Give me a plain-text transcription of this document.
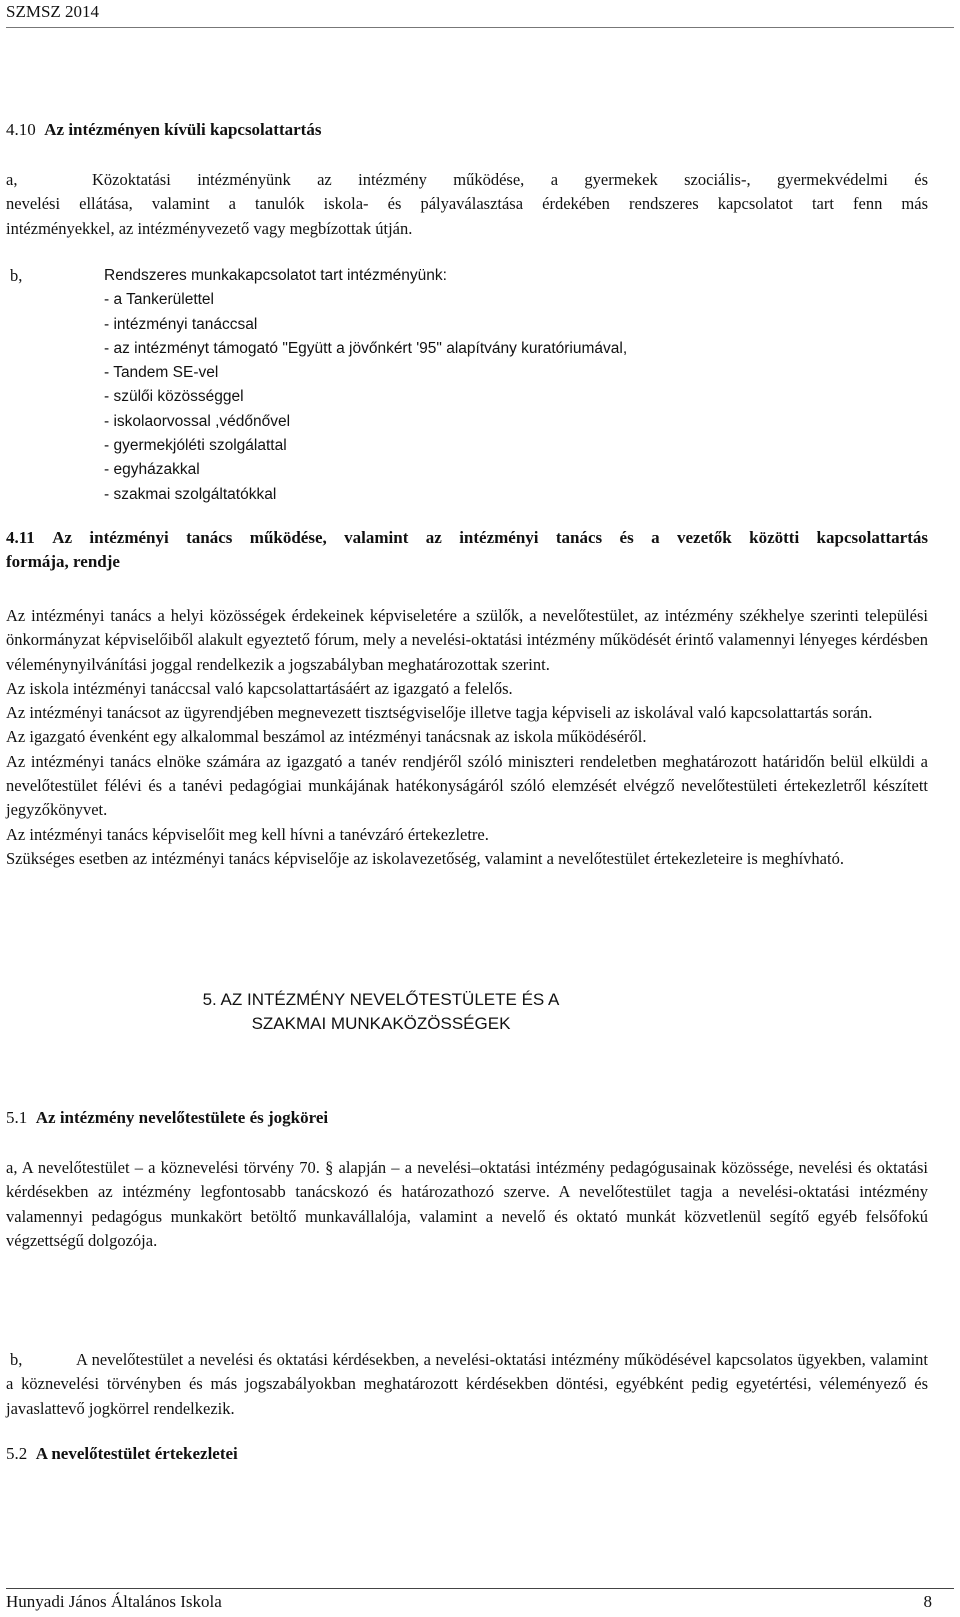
SZMSZ 2014
4.10 Az intézményen kívüli kapcsolattartás
a,	Közoktatási intézményünk az intézmény működése, a gyermekek szociális-, gyermekvédelmi és
nevelési ellátása, valamint a tanulók iskola- és pályaválasztása érdekében rendszeres kapcsolatot tart fenn más
intézményekkel, az intézményvezető vagy megbízottak útján.
b,	Rendszeres munkakapcsolatot tart intézményünk:
- a Tankerülettel
- intézményi tanáccsal
- az intézményt támogató "Együtt a jövőnkért '95" alapítvány kuratóriumával,
- Tandem SE-vel
- szülői közösséggel
- iskolaorvossal ,védőnővel
- gyermekjóléti szolgálattal
- egyházakkal
- szakmai szolgáltatókkal
4.11 Az intézményi tanács működése, valamint az intézményi tanács és a vezetők közötti kapcsolattartás
formája, rendje

Az intézményi tanács a helyi közösségek érdekeinek képviseletére a szülők, a nevelőtestület, az intézmény székhelye szerinti települési önkormányzat képviselőiből alakult egyeztető fórum, mely a nevelési-oktatási intézmény működését érintő valamennyi lényeges kérdésben véleménynyilvánítási joggal rendelkezik a jogszabályban meghatározottak szerint.

Az iskola intézményi tanáccsal való kapcsolattartásáért az igazgató a felelős.

Az intézményi tanácsot az ügyrendjében megnevezett tisztségviselője illetve tagja képviseli az iskolával való kapcsolattartás során.

Az igazgató évenként egy alkalommal beszámol az intézményi tanácsnak az iskola működéséről.

Az intézményi tanács elnöke számára az igazgató a tanév rendjéről szóló miniszteri rendeletben meghatározott határidőn belül elküldi a nevelőtestület félévi és a tanévi pedagógiai munkájának hatékonyságáról szóló elemzését elvégző nevelőtestületi értekezletről készített jegyzőkönyvet.

Az intézményi tanács képviselőit meg kell hívni a tanévzáró értekezletre.

Szükséges esetben az intézményi tanács képviselője az iskolavezetőség, valamint a nevelőtestület értekezleteire is meghívható.

5. AZ INTÉZMÉNY NEVELŐTESTÜLETE ÉS A
SZAKMAI MUNKAKÖZÖSSÉGEK
5.1 Az intézmény nevelőtestülete és jogkörei

a, A nevelőtestület – a köznevelési törvény 70. § alapján – a nevelési–oktatási intézmény pedagógusainak közössége, nevelési és oktatási kérdésekben az intézmény legfontosabb tanácskozó és határozathozó szerve. A nevelőtestület tagja a nevelési-oktatási intézmény valamennyi pedagógus munkakört betöltő munkavállalója, valamint a nevelő és oktató munkát közvetlenül segítő egyéb felsőfokú végzettségű dolgozója.

b,	A nevelőtestület a nevelési és oktatási kérdésekben, a nevelési-oktatási intézmény működésével kapcsolatos ügyekben, valamint a köznevelési törvényben és más jogszabályokban meghatározott kérdésekben döntési, egyébként pedig egyetértési, véleményező és javaslattevő jogkörrel rendelkezik.

5.2 A nevelőtestület értekezletei
Hunyadi János Általános Iskola	8
